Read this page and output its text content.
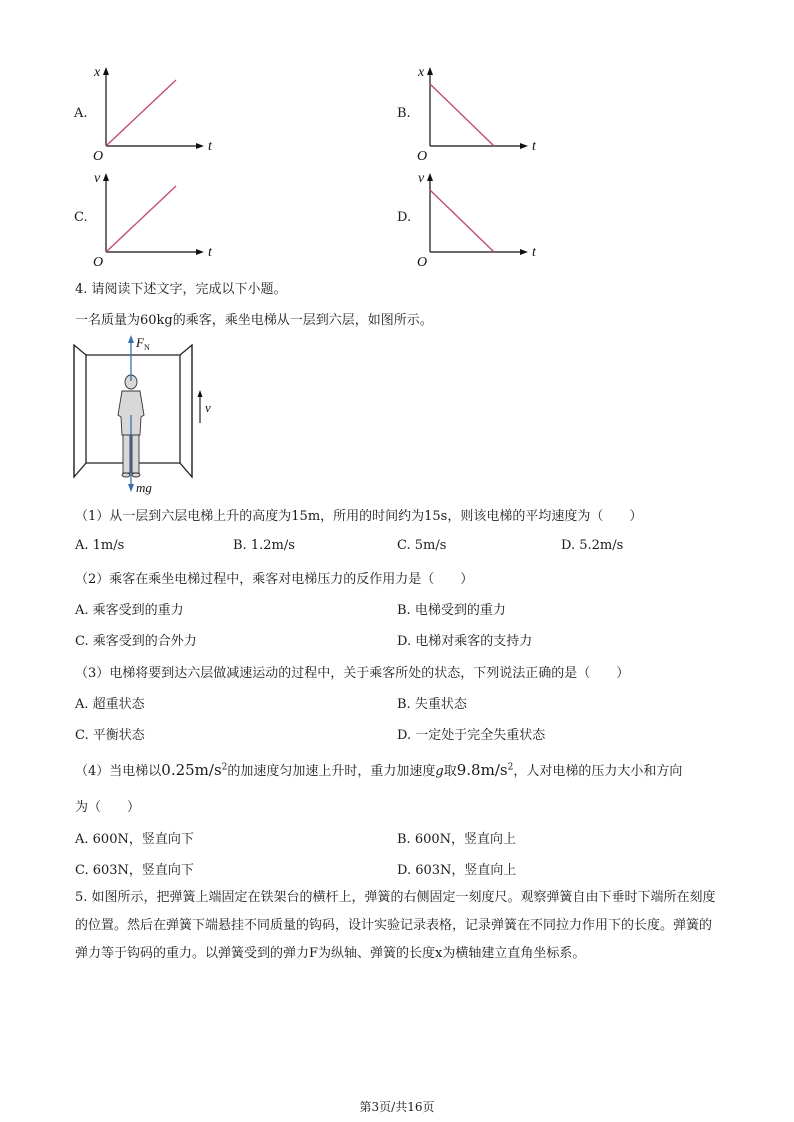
A.
x
t
O
B.
x
t
O
C.
v
t
O
D.
v
t
O
4. 请阅读下述文字，完成以下小题。
一名质量为60kg的乘客，乘坐电梯从一层到六层，如图所示。
F N
mg
v
（1）从一层到六层电梯上升的高度为15m，所用的时间约为15s，则该电梯的平均速度为（　　）
A. 1m/s	B. 1.2m/s	C. 5m/s	D. 5.2m/s
（2）乘客在乘坐电梯过程中，乘客对电梯压力的反作用力是（　　）
A. 乘客受到的重力	B. 电梯受到的重力
C. 乘客受到的合外力	D. 电梯对乘客的支持力
（3）电梯将要到达六层做减速运动的过程中，关于乘客所处的状态，下列说法正确的是（　　）
A. 超重状态	B. 失重状态
C. 平衡状态	D. 一定处于完全失重状态
（4）当电梯以$0.25m/s^2$的加速度匀加速上升时，重力加速度g取$9.8m/s^2$，人对电梯的压力大小和方向
为（　　）
A. 600N，竖直向下	B. 600N，竖直向上
C. 603N，竖直向下	D. 603N，竖直向上
5. 如图所示，把弹簧上端固定在铁架台的横杆上，弹簧的右侧固定一刻度尺。观察弹簧自由下垂时下端所在刻度的位置。然后在弹簧下端悬挂不同质量的钩码，设计实验记录表格，记录弹簧在不同拉力作用下的长度。弹簧的弹力等于钩码的重力。以弹簧受到的弹力F为纵轴、弹簧的长度x为横轴建立直角坐标系。
第3页/共16页
